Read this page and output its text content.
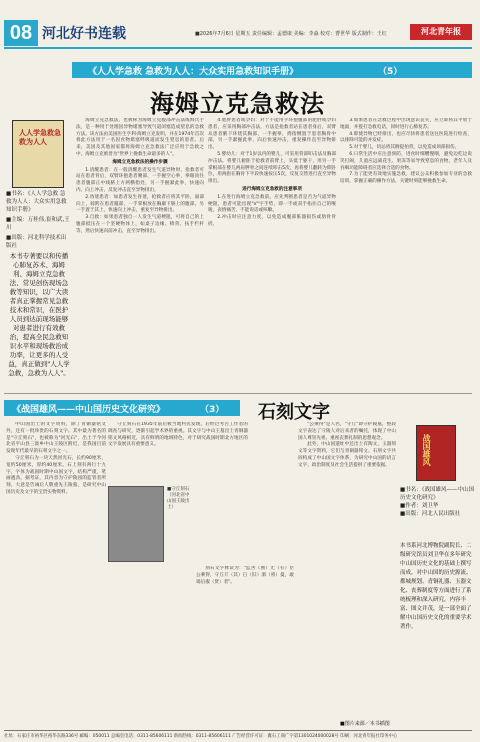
08 河北好书连载	■2026年7月6日 星期五 责任编辑：孟德康 美编：李淼 校对：曹世华 版式制作：王红	河北青年报
《人人学急救 急救为人人：大众实用急救知识手册》	（5）
海姆立克急救法
人人学急救急救为人人
■书名：《人人学急救 急救为人人：大众实用急救知识手册》
■主编：万桂伟,崔和武,王川
■出版：河北科学技术出版社
本书专著要以和传播心肺复苏术、海姆利、海姆立克急救法、常见创伤现场急救等知识，以广大读者真正掌握常见急救技术和常识，在医护人员到达前现场能够对患者进行有效救治，提高全民急救知识水平和现场救治成功率，让更多的人受益，真正做到"人人学急救，急救为人人"。

海姆立克急救法，也被称为海姆立克腹部冲击法或海氏手法，是一种用于处理因异物堵塞导致气道闭塞造成窒息的急救方法。该方法由美国医生亨利·海姆立克发明，并在1974年首次将此方法用于一名因食物堵塞呼吸道而发生窒息的患者。后来，美国及其他国家都将海姆立克急救法广泛应用于急救之中，海姆立克被誉为"世界上挽救生命最多的人"。

海姆立克急救法的操作步骤

1.清醒患者：在一般清醒患者发生气道异物时，抢救者可站在患者背后，双臂环抱患者腰部，一手握空心拳，拳眼顶住患者腹部正中线脐上方两横指处，另一手握紧此拳，快速向内、向上冲击，反复冲击直至异物排出。

2.昏迷患者：如患者发生昏迷，抢救者应将其平卧，面部向上，骑跨在患者髋部，一手掌根放在胸廓下脐上的腹部，另一手置于其上，快速向上冲击，重复至异物排出。

3.自救：如果患者独自一人发生气道梗阻，可将自己的上腹部抵压在一个坚硬物体上，如桌子边缘、椅背、扶手栏杆等，然后快速向前冲击，直至异物排出。

4.肥胖患者或孕妇：对于不能用手环抱腹部的肥胖或孕妇患者，应采用胸部冲击法，方法是抢救者站在患者身后，双臂从患者腋下环绕其胸部，一手握拳，拇指侧置于患者胸骨中部，另一手紧握此拳，向后快速冲击，重复操作直至异物排出。

5.婴幼儿：对于1岁以内的婴儿，可采用背部叩击法及胸部冲击法。将婴儿俯卧于抢救者前臂上，头低于躯干，用另一手掌根部在婴儿两肩胛骨之间连续叩击5次，再将婴儿翻转为仰卧位，用两指在胸骨下半段快速按压5次，反复交替进行直至异物排出。

进行海姆立克急救的注意事项

1.在进行海姆立克急救前，应先判断患者是否为气道异物梗阻，患者可能出现"V"字手势，即一手或双手掐住自己的喉咙，表情痛苦、不能说话或咳嗽。

2.冲击时应注意力度，以免造成腹部脏器损伤或肋骨骨折。

3.如果患者在急救过程中出现意识丧失，应立即将其平放于地面，并拨打急救电话，同时进行心肺复苏。

4.即使异物已经排出，也应尽快将患者送往医院进行检查，以排除可能的并发症。

5.对于婴儿，切忌将其倒提拍背，以免造成颈部损伤。

6.日常生活中应注意预防，进食时细嚼慢咽，避免边吃边说笑打闹，儿童应远离花生、果冻等易导致窒息的食物，老年人及吞咽功能障碍者应选择合适的食物。

7.为了能更有效地实施急救，建议公众积极参加专业的急救培训，掌握正确的操作方法，关键时刻能够挽救生命。

《战国雄风——中山国历史文化研究》	（3） 石刻文字

中山国出土的文字资料，除了青铜器铭文外，还有一批珍贵的石刻文字。其中最为著名的是"守丘刻石"，也被称为"河光石"，出土于今河北省平山县三汲乡中山王陵区附近，是我国目前发现年代最早的石刻文字之一。

守丘刻石为一块天然河光石，长约90厘米，宽约50厘米，厚约40厘米。石上刻有两行十九字，字体为战国时期中山国文字，结构严谨，笔画遒劲。据考证，其内容为守护陵园的监管者所刻，大意是告诫后人敬重先王陵墓，是研究中山国历史及文字的宝贵实物资料。

■守丘刻石（河北省中山国王陵出土）

守丘刻石在1935年前后被当地村民发现，后经过考古工作者的调查与研究，逐渐引起学术界的重视。其文字与中山王墓出土青铜器铭文风格相近，具有鲜明的地域特色，对于研究战国时期北方地区的文字发展具有重要意义。

刻石文字释读为："监罟（囿）尤（有）臣公乘得，守丘丌（其）臼（旧）酒（将）曼，敢谒后俶（贤）者"。

"公乘得"是人名，"守丘"即守护陵墓，整段文字表达了守陵人对后来者的嘱托，体现了中山国人尊崇先祖、重视丧葬礼制的思想观念。

此外，中山国遗址中还出土有陶文、玉器刻文等文字资料，它们与青铜器铭文、石刻文字共同构成了中山国文字体系，为研究中山国的语言文字、政治制度及社会生活提供了重要依据。	战国雄风
■书名：《战国雄风——中山国历史文化研究》
■作者：刘卫华
■出版：河北人民出版社
本书系河北博物院副院长、二级研究馆员刘卫华在多年研究中山国历史文化的基础上撰写而成，对中山国的历史源流、都城规划、青铜礼器、玉器文化、丧葬制度等方面进行了系统梳理和深入研究，内容丰富、图文并茂，是一部全面了解中山国历史文化的重要学术著作。
■图片来源／本书插图
社址：石家庄市裕华区裕华东路336号 邮编：050011 总编室电话：0311-85606111 新闻热线：0311-85606111 广告经营许可证：冀石工商广字第1301024000028号 印刷：河北青年报社印务中心
